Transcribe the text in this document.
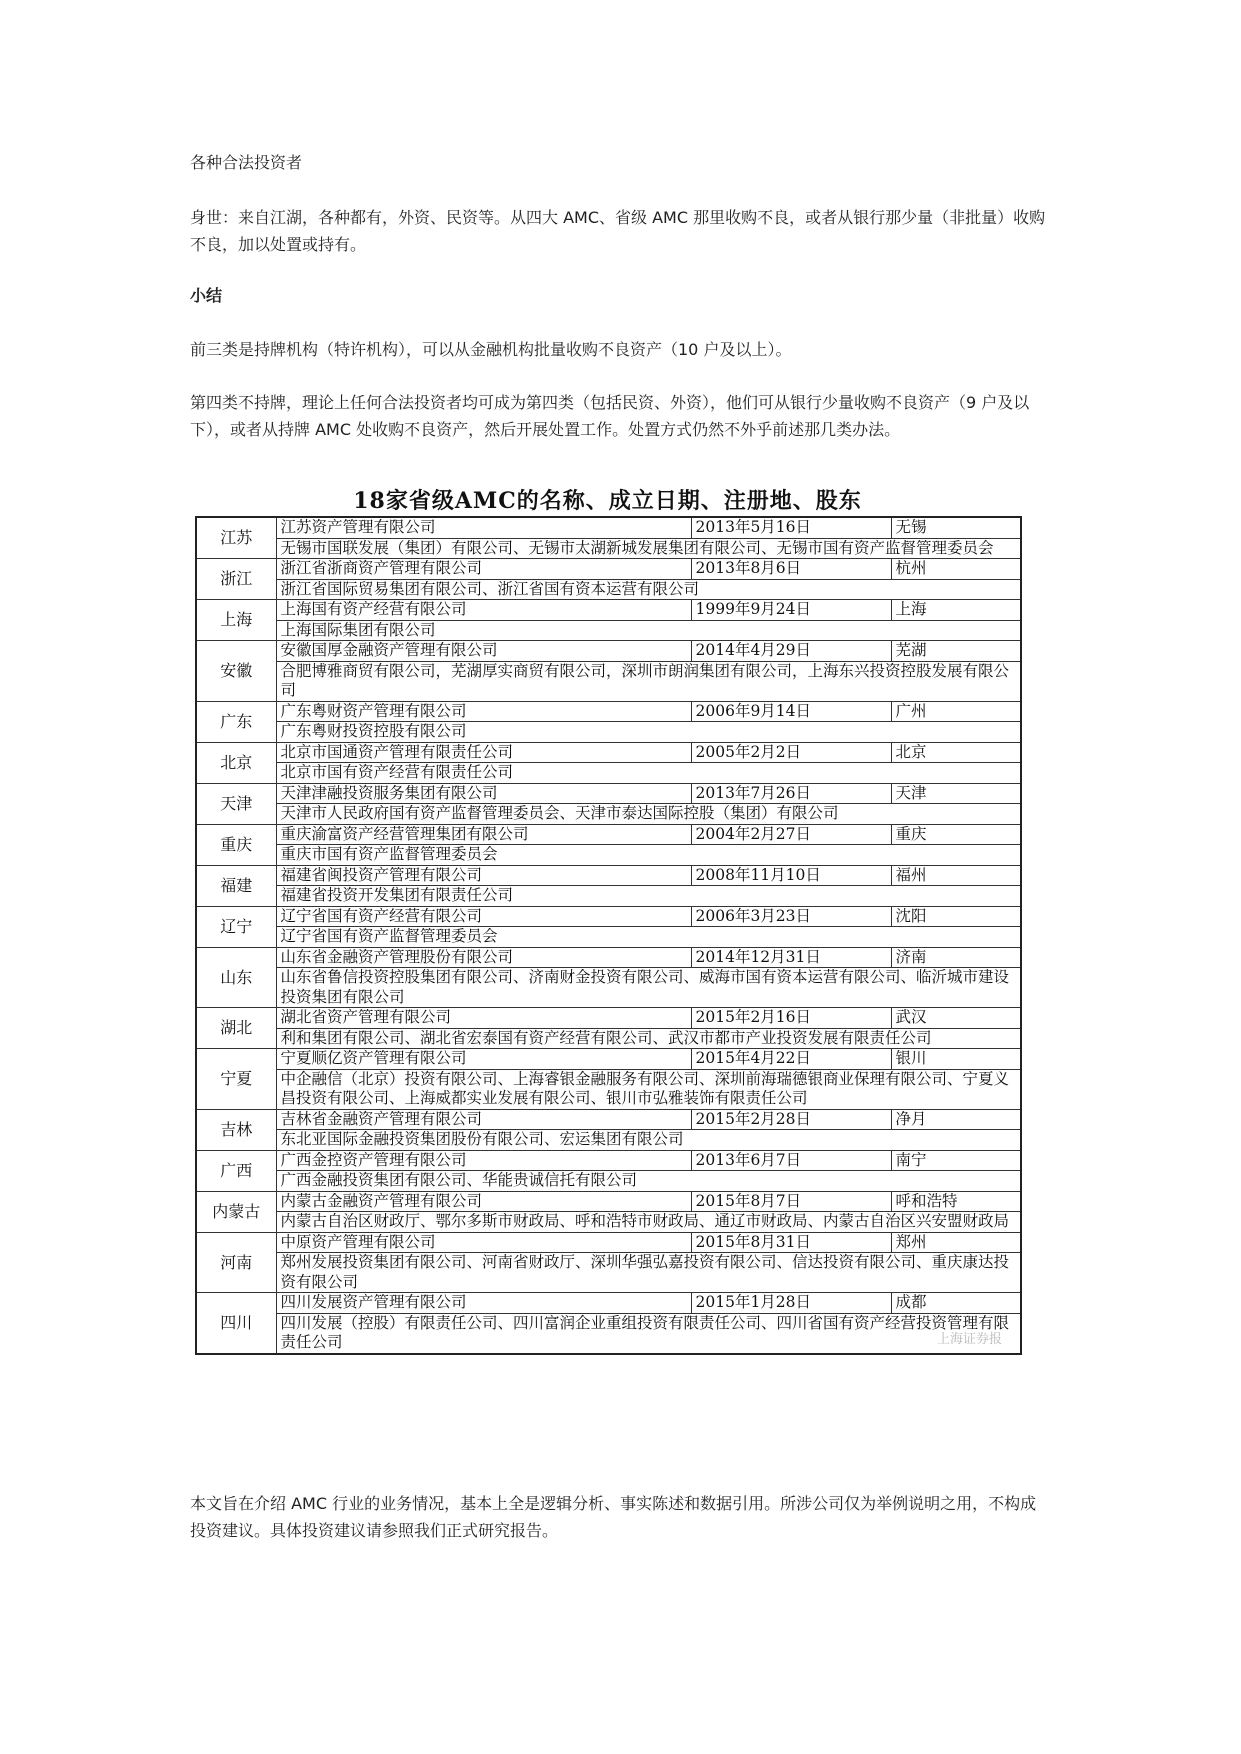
各种合法投资者
身世：来自江湖，各种都有，外资、民资等。从四大 AMC、省级 AMC 那里收购不良，或者从银行那少量（非批量）收购不良，加以处置或持有。
小结
前三类是持牌机构（特许机构），可以从金融机构批量收购不良资产（10 户及以上）。
第四类不持牌，理论上任何合法投资者均可成为第四类（包括民资、外资），他们可从银行少量收购不良资产（9 户及以下），或者从持牌 AMC 处收购不良资产，然后开展处置工作。处置方式仍然不外乎前述那几类办法。
18家省级AMC的名称、成立日期、注册地、股东
江苏	江苏资产管理有限公司	2013年5月16日	无锡
	无锡市国联发展（集团）有限公司、无锡市太湖新城发展集团有限公司、无锡市国有资产监督管理委员会		
浙江	浙江省浙商资产管理有限公司	2013年8月6日	杭州
	浙江省国际贸易集团有限公司、浙江省国有资本运营有限公司		
上海	上海国有资产经营有限公司	1999年9月24日	上海
	上海国际集团有限公司		
安徽	安徽国厚金融资产管理有限公司	2014年4月29日	芜湖
	合肥博雅商贸有限公司，芜湖厚实商贸有限公司，深圳市朗润集团有限公司，上海东兴投资控股发展有限公司		
广东	广东粤财资产管理有限公司	2006年9月14日	广州
	广东粤财投资控股有限公司		
北京	北京市国通资产管理有限责任公司	2005年2月2日	北京
	北京市国有资产经营有限责任公司		
天津	天津津融投资服务集团有限公司	2013年7月26日	天津
	天津市人民政府国有资产监督管理委员会、天津市泰达国际控股（集团）有限公司		
重庆	重庆渝富资产经营管理集团有限公司	2004年2月27日	重庆
	重庆市国有资产监督管理委员会		
福建	福建省闽投资产管理有限公司	2008年11月10日	福州
	福建省投资开发集团有限责任公司		
辽宁	辽宁省国有资产经营有限公司	2006年3月23日	沈阳
	辽宁省国有资产监督管理委员会		
山东	山东省金融资产管理股份有限公司	2014年12月31日	济南
	山东省鲁信投资控股集团有限公司、济南财金投资有限公司、威海市国有资本运营有限公司、临沂城市建设投资集团有限公司		
湖北	湖北省资产管理有限公司	2015年2月16日	武汉
	利和集团有限公司、湖北省宏泰国有资产经营有限公司、武汉市都市产业投资发展有限责任公司		
宁夏	宁夏顺亿资产管理有限公司	2015年4月22日	银川
	中企融信（北京）投资有限公司、上海睿银金融服务有限公司、深圳前海瑞德银商业保理有限公司、宁夏义昌投资有限公司、上海威都实业发展有限公司、银川市弘雅装饰有限责任公司		
吉林	吉林省金融资产管理有限公司	2015年2月28日	净月
	东北亚国际金融投资集团股份有限公司、宏运集团有限公司		
广西	广西金控资产管理有限公司	2013年6月7日	南宁
	广西金融投资集团有限公司、华能贵诚信托有限公司		
内蒙古	内蒙古金融资产管理有限公司	2015年8月7日	呼和浩特
	内蒙古自治区财政厅、鄂尔多斯市财政局、呼和浩特市财政局、通辽市财政局、内蒙古自治区兴安盟财政局		
河南	中原资产管理有限公司	2015年8月31日	郑州
	郑州发展投资集团有限公司、河南省财政厅、深圳华强弘嘉投资有限公司、信达投资有限公司、重庆康达投资有限公司		
四川	四川发展资产管理有限公司	2015年1月28日	成都
	四川发展（控股）有限责任公司、四川富润企业重组投资有限责任公司、四川省国有资产经营投资管理有限责任公司			上海证券报
本文旨在介绍 AMC 行业的业务情况，基本上全是逻辑分析、事实陈述和数据引用。所涉公司仅为举例说明之用，不构成投资建议。具体投资建议请参照我们正式研究报告。
